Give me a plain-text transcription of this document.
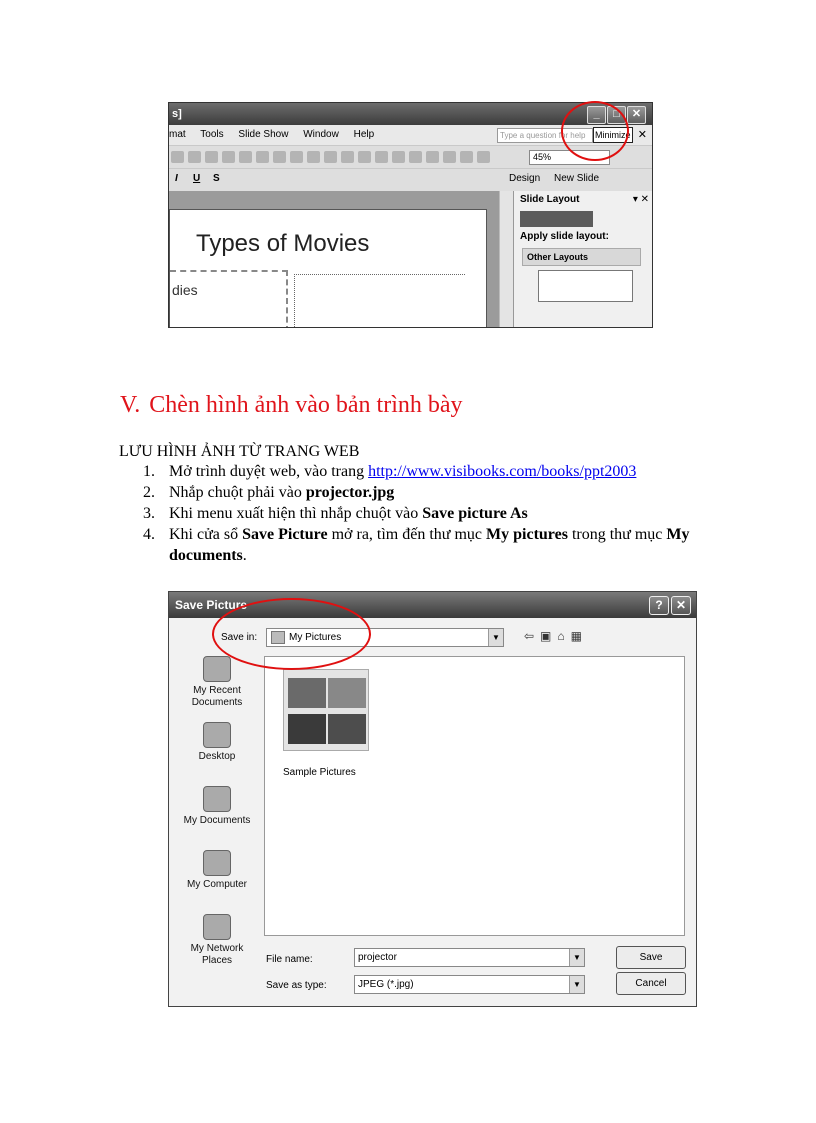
s]	_	□	✕
mat Tools Slide Show Window Help	Type a question for help	Minimize ✕
45%
I U S	Design New Slide
Types of Movies
dies
Slide Layout	▾ ✕
Apply slide layout:
Other Layouts
V. Chèn hình ảnh vào bản trình bày
LƯU HÌNH ẢNH TỪ TRANG WEB
1. Mở trình duyệt web, vào trang http://www.visibooks.com/books/ppt2003
2. Nhắp chuột phải vào projector.jpg
3. Khi menu xuất hiện thì nhắp chuột vào Save picture As
4. Khi cửa sổ Save Picture mở ra, tìm đến thư mục My pictures trong thư mục My documents.
Save Picture	?	✕
Save in:	My Pictures	▼ ⇦▣⌂▦
My Recent Documents
Desktop
My Documents
My Computer
My Network Places
Sample Pictures
File name:	projector	▼
Save as type:	JPEG (*.jpg)	▼
Save
Cancel
